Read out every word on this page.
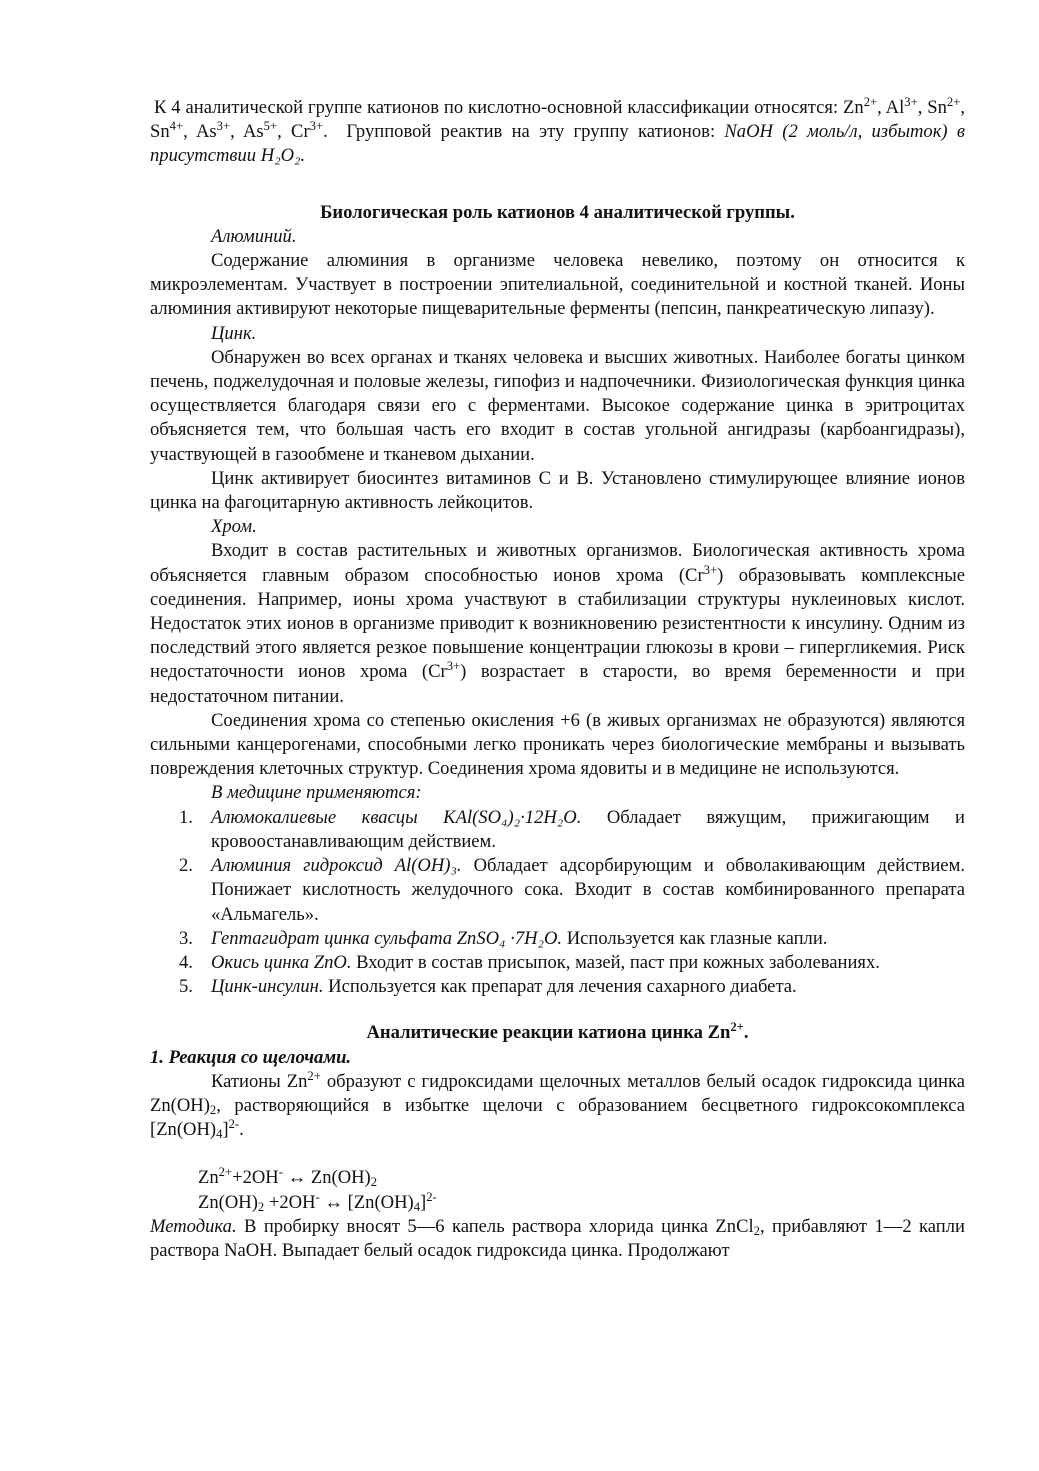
К 4 аналитической группе катионов по кислотно-основной классификации относятся: $Zn^{2+}$, $Al^{3+}$, $Sn^{2+}$, $Sn^{4+}$, $As^{3+}$, $As^{5+}$, $Cr^{3+}$.  Групповой реактив на эту группу катионов: NaOH (2 моль/л, избыток) в присутствии H₂O₂.

Биологическая роль катионов 4 аналитической группы.

Алюминий.

Содержание алюминия в организме человека невелико, поэтому он относится к микроэлементам. Участвует в построении эпителиальной, соединительной и костной тканей. Ионы алюминия активируют некоторые пищеварительные ферменты (пепсин, панкреатическую липазу).

Цинк.

Обнаружен во всех органах и тканях человека и высших животных. Наиболее богаты цинком печень, поджелудочная и половые железы, гипофиз и надпочечники. Физиологическая функция цинка осуществляется благодаря связи его с ферментами. Высокое содержание цинка в эритроцитах объясняется тем, что большая часть его входит в состав угольной ангидразы (карбоангидразы), участвующей в газообмене и тканевом дыхании.

Цинк активирует биосинтез витаминов С и В. Установлено стимулирующее влияние ионов цинка на фагоцитарную активность лейкоцитов.

Хром.

Входит в состав растительных и животных организмов. Биологическая активность хрома объясняется главным образом способностью ионов хрома $(Cr^{3+})$ образовывать комплексные соединения. Например, ионы хрома участвуют в стабилизации структуры нуклеиновых кислот. Недостаток этих ионов в организме приводит к возникновению резистентности к инсулину. Одним из последствий этого является резкое повышение концентрации глюкозы в крови – гипергликемия. Риск недостаточности ионов хрома $(Cr^{3+})$ возрастает в старости, во время беременности и при недостаточном питании.

Соединения хрома со степенью окисления +6 (в живых организмах не образуются) являются сильными канцерогенами, способными легко проникать через биологические мембраны и вызывать повреждения клеточных структур. Соединения хрома ядовиты и в медицине не используются.

В медицине применяются:

1. Алюмокалиевые квасцы KAl(SO₄)₂·12H₂O. Обладает вяжущим, прижигающим и кровоостанавливающим действием.
2. Алюминия гидроксид Al(OH)₃. Обладает адсорбирующим и обволакивающим действием. Понижает кислотность желудочного сока. Входит в состав комбинированного препарата «Альмагель».
3. Гептагидрат цинка сульфата ZnSO₄ ·7H₂O. Используется как глазные капли.
4. Окись цинка ZnO. Входит в состав присыпок, мазей, паст при кожных заболеваниях.
5. Цинк-инсулин. Используется как препарат для лечения сахарного диабета.

Аналитические реакции катиона цинка $Zn^{2+}$.

1. Реакция со щелочами.

Катионы $Zn^{2+}$ образуют с гидроксидами щелочных металлов белый осадок гидроксида цинка $Zn(OH)_2$, растворяющийся в избытке щелочи с образованием бесцветного гидроксокомплекса $[Zn(OH)_4]^{2-}$.

$Zn^{2+}+2OH^-$ ↔ $Zn(OH)_2$

$Zn(OH)_2 +2OH^-$ ↔ $[Zn(OH)_4]^{2-}$

Методика. В пробирку вносят 5—6 капель раствора хлорида цинка ZnCl$_2$, прибавляют 1—2 капли раствора NaOH. Выпадает белый осадок гидроксида цинка. Продолжают
